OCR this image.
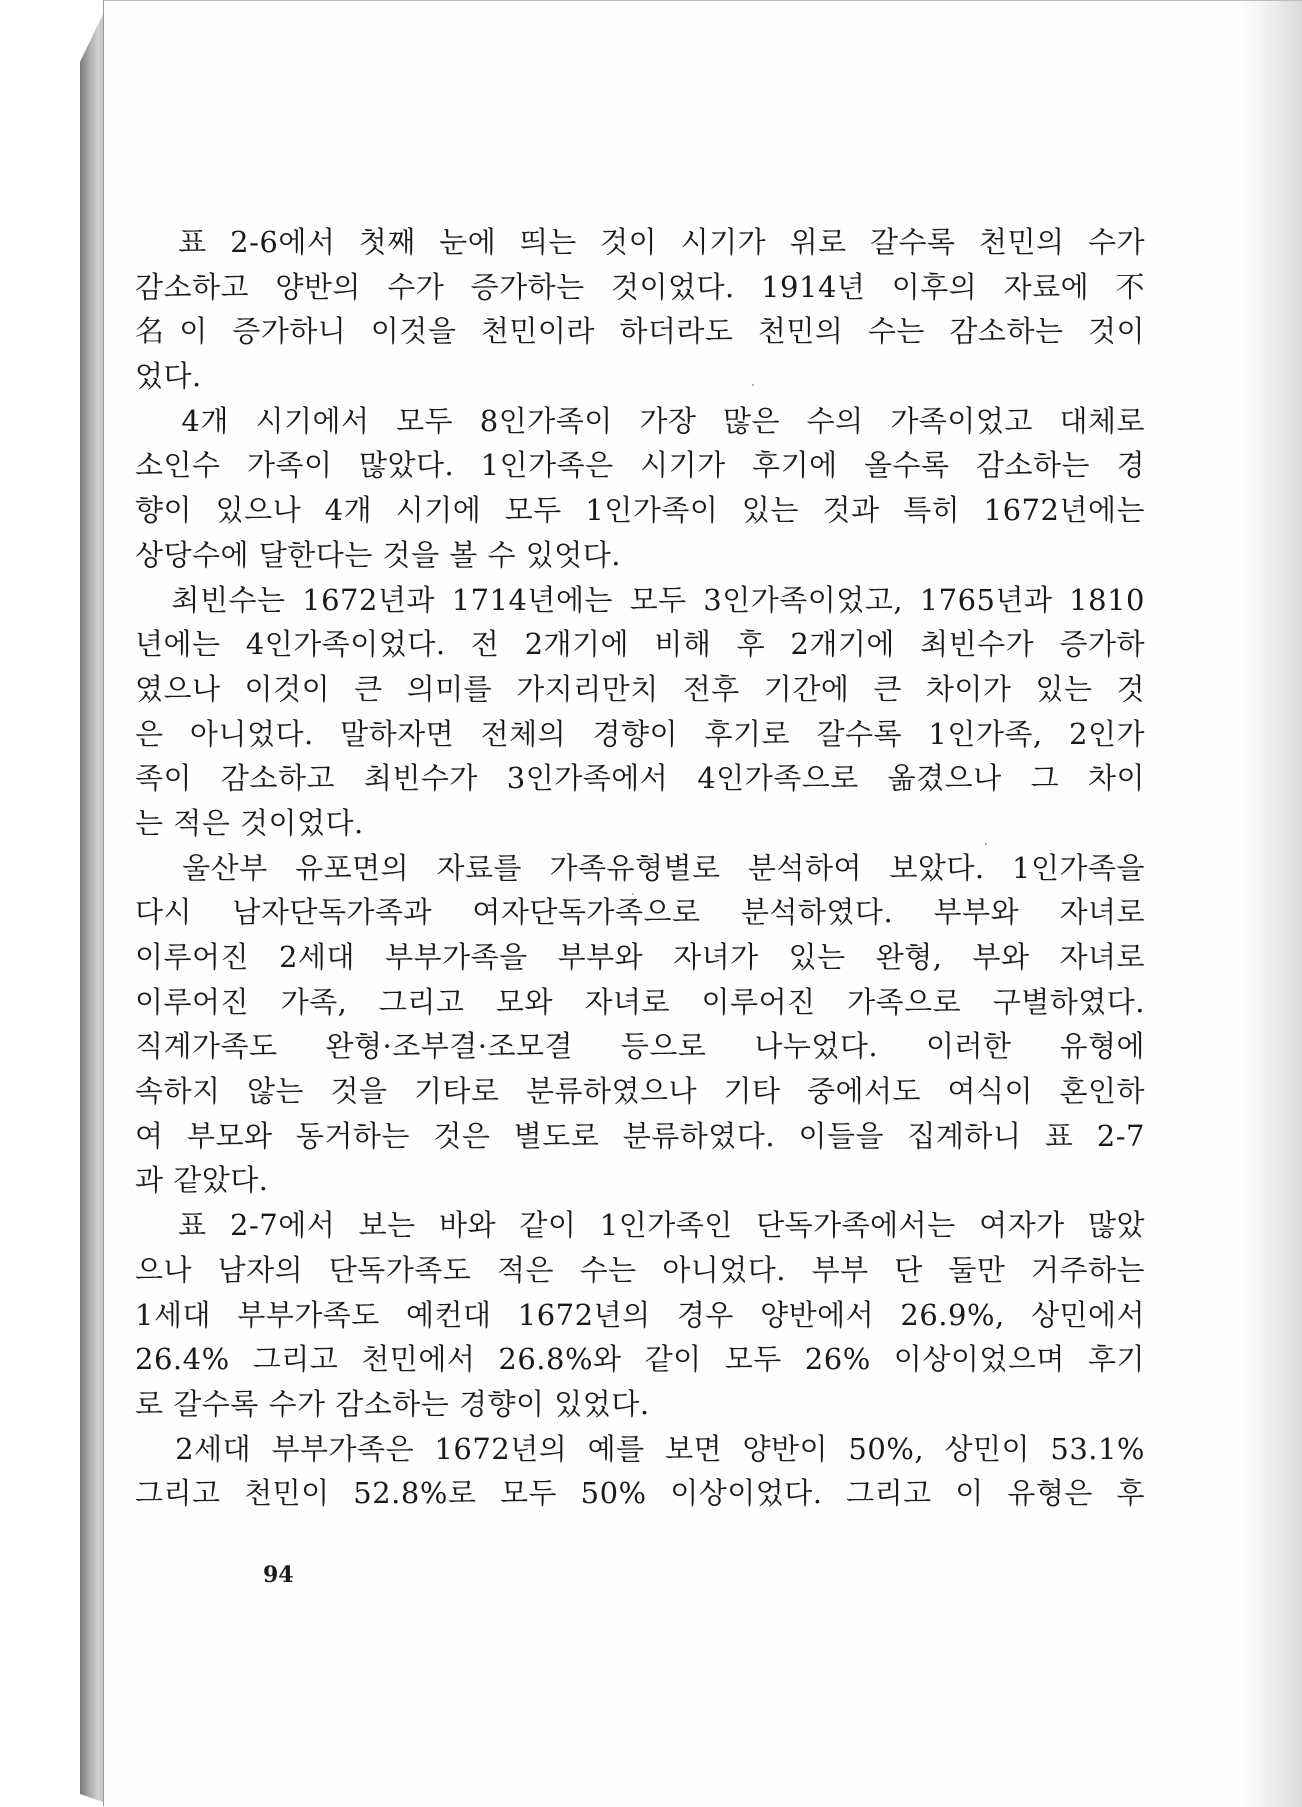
　표 2-6에서 첫째 눈에 띄는 것이 시기가 위로 갈수록 천민의 수가
감소하고 양반의 수가 증가하는 것이었다. 1914년 이후의 자료에 不
名이 증가하니 이것을 천민이라 하더라도 천민의 수는 감소하는 것이
었다.
　4개 시기에서 모두 8인가족이 가장 많은 수의 가족이었고 대체로
소인수 가족이 많았다. 1인가족은 시기가 후기에 올수록 감소하는 경
향이 있으나 4개 시기에 모두 1인가족이 있는 것과 특히 1672년에는
상당수에 달한다는 것을 볼 수 있엇다.
　최빈수는 1672년과 1714년에는 모두 3인가족이었고, 1765년과 1810
년에는 4인가족이었다. 전 2개기에 비해 후 2개기에 최빈수가 증가하
였으나 이것이 큰 의미를 가지리만치 전후 기간에 큰 차이가 있는 것
은 아니었다. 말하자면 전체의 경향이 후기로 갈수록 1인가족, 2인가
족이 감소하고 최빈수가 3인가족에서 4인가족으로 옮겼으나 그 차이
는 적은 것이었다.
　울산부 유포면의 자료를 가족유형별로 분석하여 보았다. 1인가족을
다시 남자단독가족과 여자단독가족으로 분석하였다. 부부와 자녀로
이루어진 2세대 부부가족을 부부와 자녀가 있는 완형, 부와 자녀로
이루어진 가족, 그리고 모와 자녀로 이루어진 가족으로 구별하였다.
직계가족도 완형·조부결·조모결 등으로 나누었다. 이러한 유형에
속하지 않는 것을 기타로 분류하였으나 기타 중에서도 여식이 혼인하
여 부모와 동거하는 것은 별도로 분류하였다. 이들을 집계하니 표 2-7
과 같았다.
　표 2-7에서 보는 바와 같이 1인가족인 단독가족에서는 여자가 많았
으나 남자의 단독가족도 적은 수는 아니었다. 부부 단 둘만 거주하는
1세대 부부가족도 예컨대 1672년의 경우 양반에서 26.9%, 상민에서
26.4% 그리고 천민에서 26.8%와 같이 모두 26% 이상이었으며 후기
로 갈수록 수가 감소하는 경향이 있었다.
　2세대 부부가족은 1672년의 예를 보면 양반이 50%, 상민이 53.1%
그리고 천민이 52.8%로 모두 50% 이상이었다. 그리고 이 유형은 후
94
